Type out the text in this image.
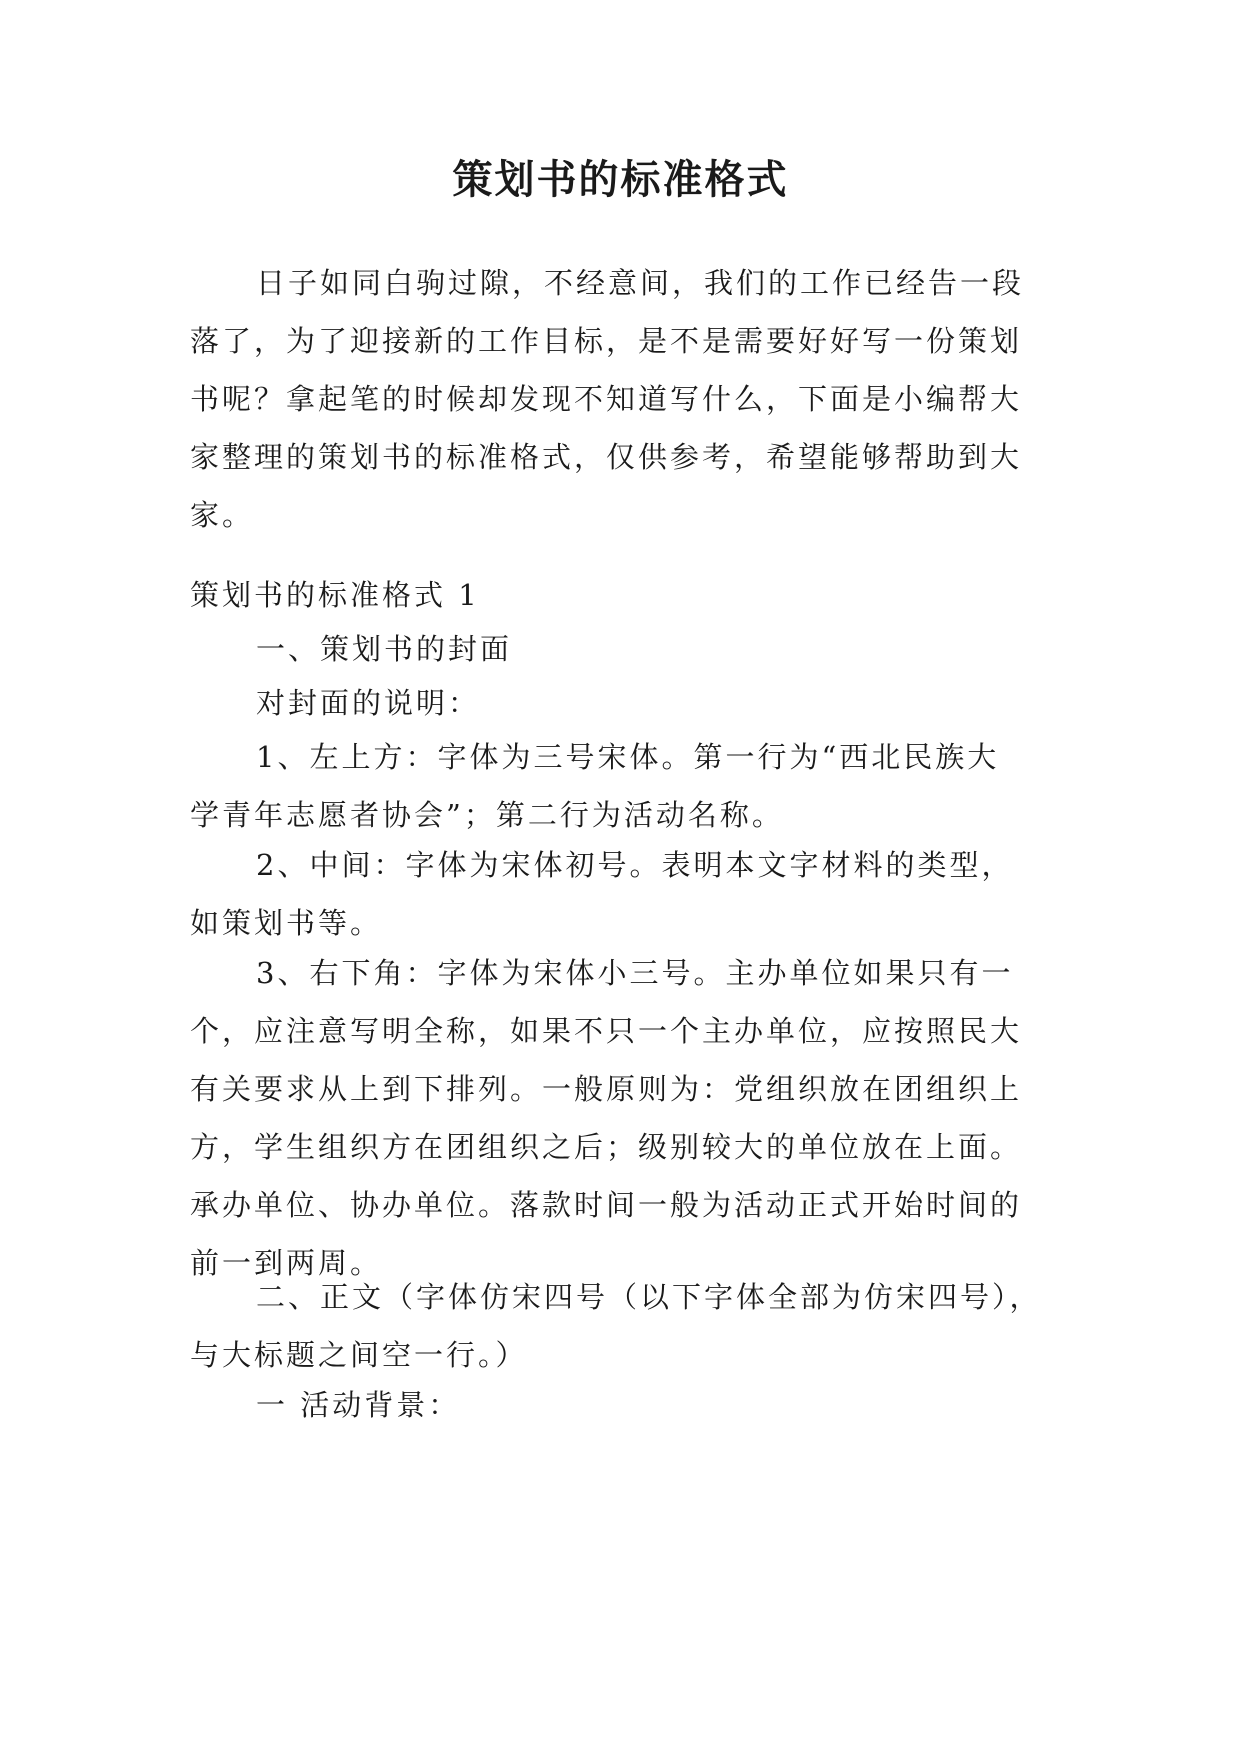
策划书的标准格式
日子如同白驹过隙，不经意间，我们的工作已经告一段
落了，为了迎接新的工作目标，是不是需要好好写一份策划
书呢？拿起笔的时候却发现不知道写什么，下面是小编帮大
家整理的策划书的标准格式，仅供参考，希望能够帮助到大
家。
策划书的标准格式 1
一、策划书的封面
对封面的说明：
1、左上方：字体为三号宋体。第一行为“西北民族大
学青年志愿者协会”；第二行为活动名称。
2、中间：字体为宋体初号。表明本文字材料的类型，
如策划书等。
3、右下角：字体为宋体小三号。主办单位如果只有一
个，应注意写明全称，如果不只一个主办单位，应按照民大
有关要求从上到下排列。一般原则为：党组织放在团组织上
方，学生组织方在团组织之后；级别较大的单位放在上面。
承办单位、协办单位。落款时间一般为活动正式开始时间的
前一到两周。
二、正文（字体仿宋四号（以下字体全部为仿宋四号），
与大标题之间空一行。）
一 活动背景：
